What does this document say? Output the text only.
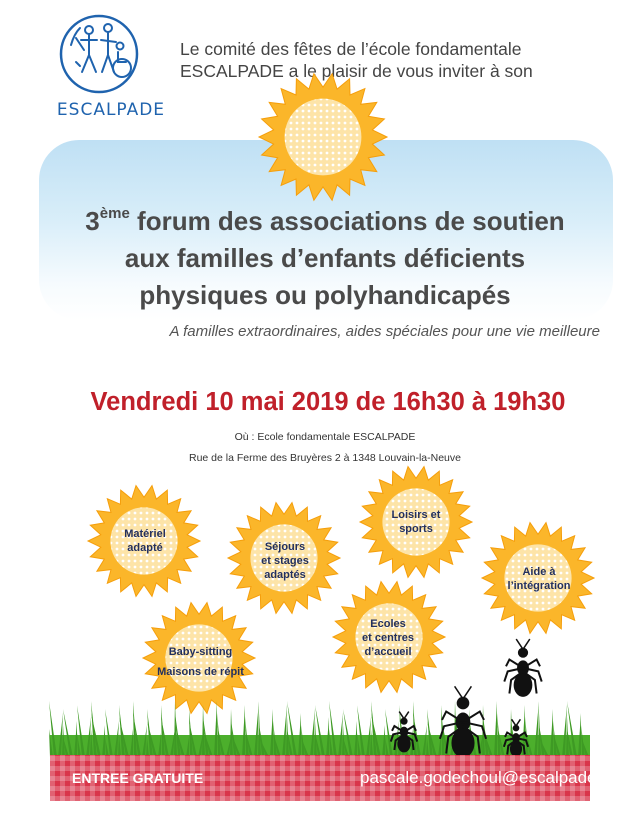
ESCALPADE
Le comité des fêtes de l’école fondamentale
ESCALPADE a le plaisir de vous inviter à son
3ème forum des associations de soutien
aux familles d’enfants déficients
physiques ou polyhandicapés
A familles extraordinaires, aides spéciales pour une vie meilleure
Vendredi 10 mai 2019 de 16h30 à 19h30
Où : Ecole fondamentale ESCALPADE
Rue de la Ferme des Bruyères 2 à 1348 Louvain-la-Neuve
Matériel
adapté	Séjours
et stages
adaptés
Loisirs et
sports
Aide à
l’intégration
Ecoles
et centres
d’accueil
Baby-sitting
Maisons de répit
ENTREE GRATUITE	pascale.godechoul@escalpade.be
